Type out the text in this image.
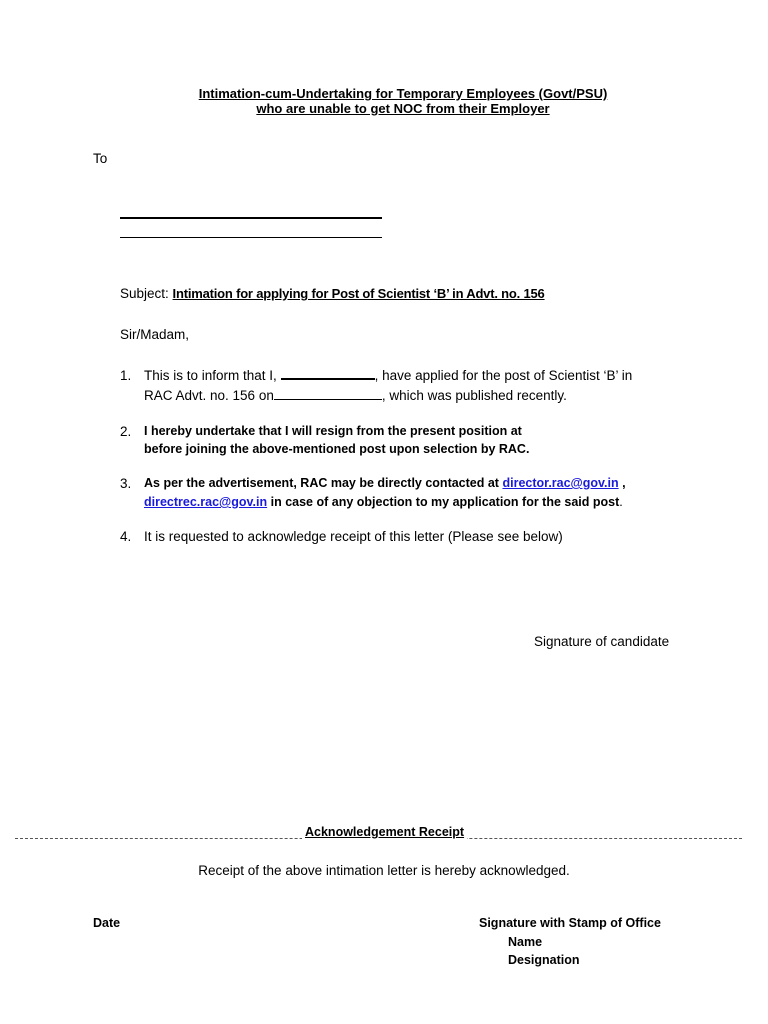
Intimation-cum-Undertaking for Temporary Employees (Govt/PSU)
who are unable to get NOC from their Employer
To
Subject: Intimation for applying for Post of Scientist ‘B’ in Advt. no. 156
Sir/Madam,
1. This is to inform that I,	, have applied for the post of Scientist ‘B’ in
RAC Advt. no. 156 on	, which was published recently.
2. I hereby undertake that I will resign from the present position at
before joining the above-mentioned post upon selection by RAC.
3. As per the advertisement, RAC may be directly contacted at director.rac@gov.in ,
directrec.rac@gov.in in case of any objection to my application for the said post.
4. It is requested to acknowledge receipt of this letter (Please see below)
Signature of candidate
Acknowledgement Receipt
Receipt of the above intimation letter is hereby acknowledged.
Date	Signature with Stamp of Office
Name
Designation
